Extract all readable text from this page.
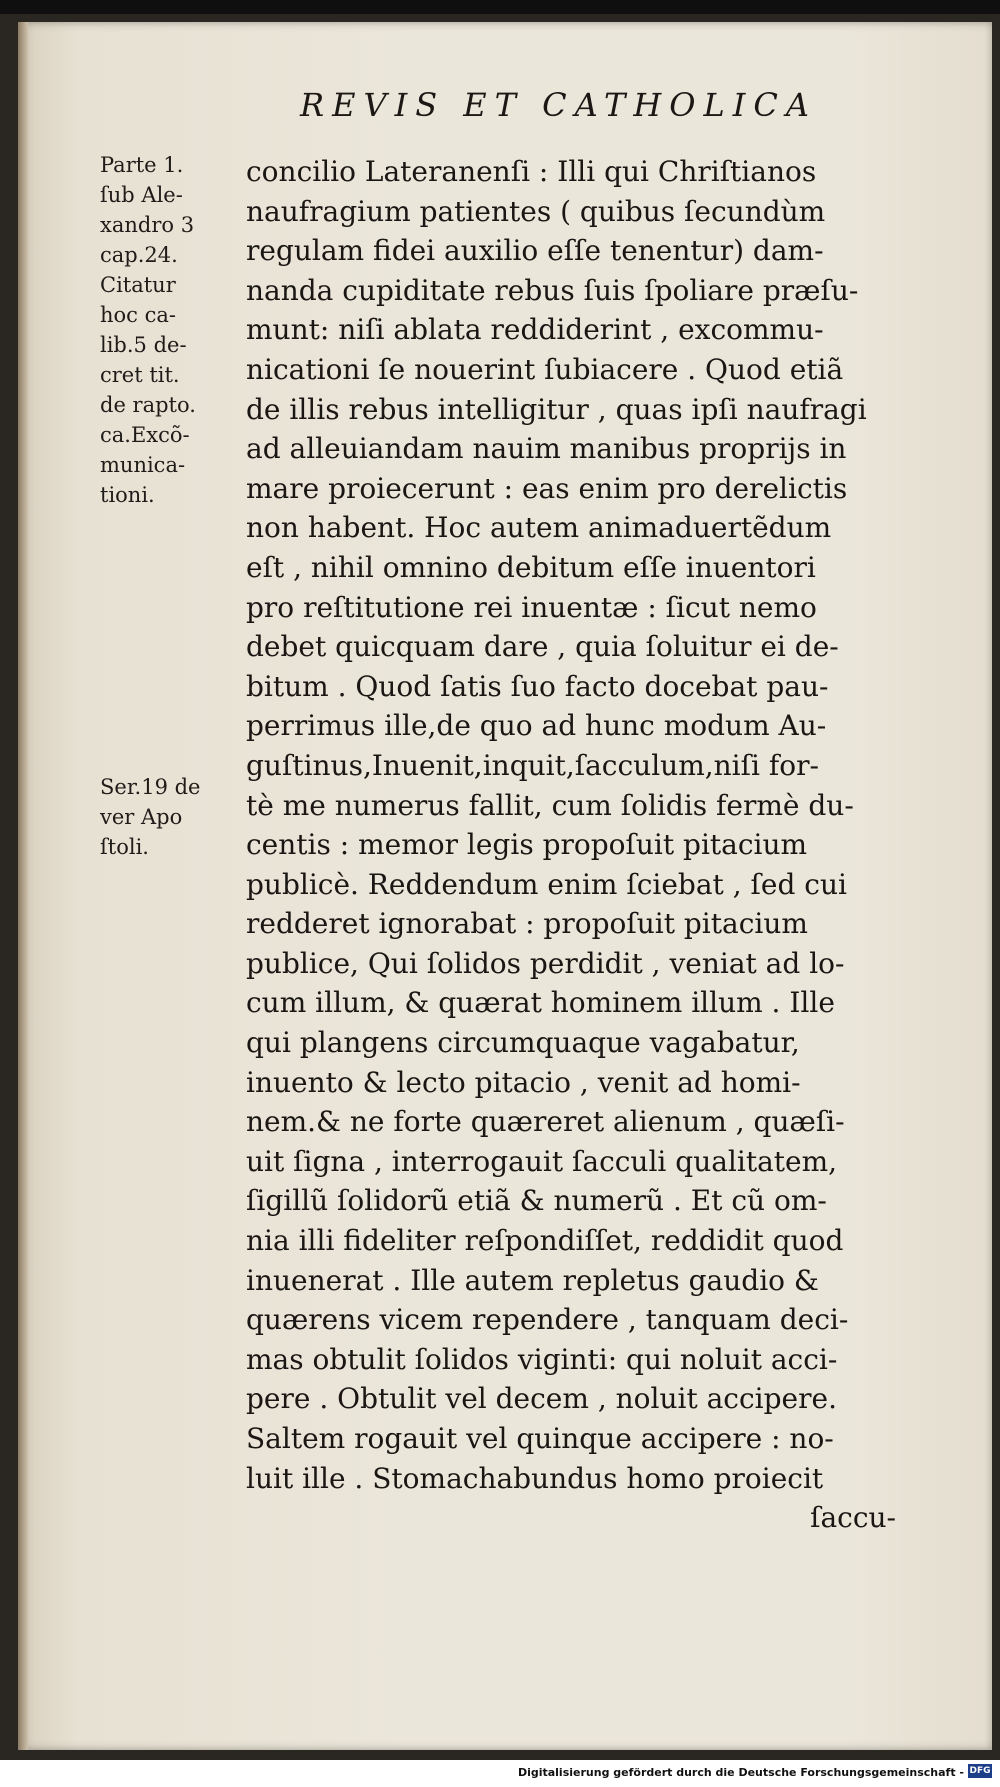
REVIS ET CATHOLICA
Parte 1.
ſub Ale-
xandro 3
cap.24.
Citatur
hoc ca-
lib.5 de-
cret tit.
de rapto.
ca.Excõ-
munica-
tioni.
Ser.19 de
ver Apo
ſtoli.
concilio Lateranenſi : Illi qui Chriſtianos
naufragium patientes ( quibus ſecundùm
regulam fidei auxilio eſſe tenentur) dam-
nanda cupiditate rebus ſuis ſpoliare præſu-
munt: niſi ablata reddiderint , excommu-
nicationi ſe nouerint ſubiacere . Quod etiã
de illis rebus intelligitur , quas ipſi naufragi
ad alleuiandam nauim manibus proprijs in
mare proiecerunt : eas enim pro derelictis
non habent. Hoc autem animaduertẽdum
eſt , nihil omnino debitum eſſe inuentori
pro reſtitutione rei inuentæ : ſicut nemo
debet quicquam dare , quia ſoluitur ei de-
bitum . Quod ſatis ſuo facto docebat pau-
perrimus ille,de quo ad hunc modum Au-
guſtinus,Inuenit,inquit,ſacculum,niſi for-
tè me numerus fallit, cum ſolidis fermè du-
centis : memor legis propoſuit pitacium
publicè. Reddendum enim ſciebat , ſed cui
redderet ignorabat : propoſuit pitacium
publice, Qui ſolidos perdidit , veniat ad lo-
cum illum, & quærat hominem illum . Ille
qui plangens circumquaque vagabatur,
inuento & lecto pitacio , venit ad homi-
nem.& ne forte quæreret alienum , quæſi-
uit ſigna , interrogauit ſacculi qualitatem,
ſigillũ ſolidorũ etiã & numerũ . Et cũ om-
nia illi fideliter reſpondiſſet, reddidit quod
inuenerat . Ille autem repletus gaudio &
quærens vicem rependere , tanquam deci-
mas obtulit ſolidos viginti: qui noluit acci-
pere . Obtulit vel decem , noluit accipere.
Saltem rogauit vel quinque accipere : no-
luit ille . Stomachabundus homo proiecit
ſaccu-
Digitalisierung gefördert durch die Deutsche Forschungsgemeinschaft - DFG
